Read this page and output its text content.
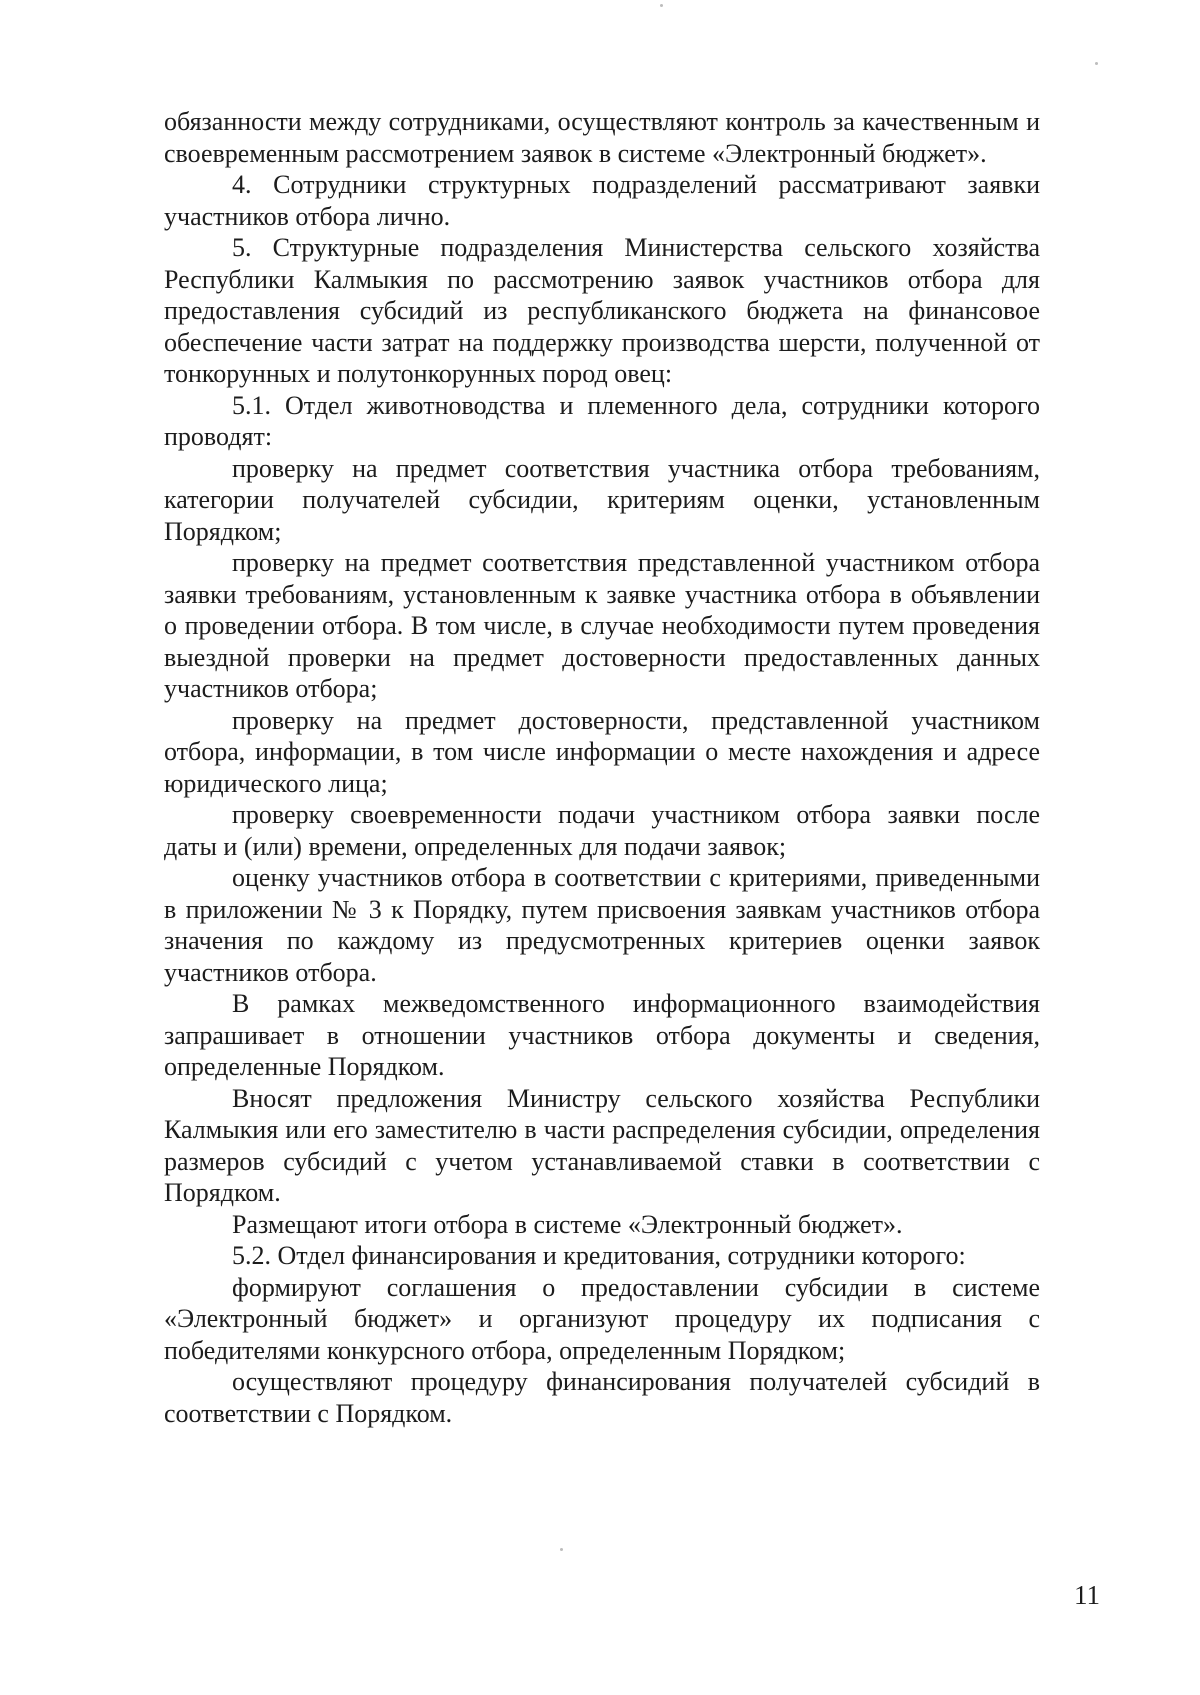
обязанности между сотрудниками, осуществляют контроль за качественным и своевременным рассмотрением заявок в системе «Электронный бюджет».

4. Сотрудники структурных подразделений рассматривают заявки участников отбора лично.

5. Структурные подразделения Министерства сельского хозяйства Республики Калмыкия по рассмотрению заявок участников отбора для предоставления субсидий из республиканского бюджета на финансовое обеспечение части затрат на поддержку производства шерсти, полученной от тонкорунных и полутонкорунных пород овец:

5.1. Отдел животноводства и племенного дела, сотрудники которого проводят:

проверку на предмет соответствия участника отбора требованиям, категории получателей субсидии, критериям оценки, установленным Порядком;

проверку на предмет соответствия представленной участником отбора заявки требованиям, установленным к заявке участника отбора в объявлении о проведении отбора. В том числе, в случае необходимости путем проведения выездной проверки на предмет достоверности предоставленных данных участников отбора;

проверку на предмет достоверности, представленной участником отбора, информации, в том числе информации о месте нахождения и адресе юридического лица;

проверку своевременности подачи участником отбора заявки после даты и (или) времени, определенных для подачи заявок;

оценку участников отбора в соответствии с критериями, приведенными в приложении № 3 к Порядку, путем присвоения заявкам участников отбора значения по каждому из предусмотренных критериев оценки заявок участников отбора.

В рамках межведомственного информационного взаимодействия запрашивает в отношении участников отбора документы и сведения, определенные Порядком.

Вносят предложения Министру сельского хозяйства Республики Калмыкия или его заместителю в части распределения субсидии, определения размеров субсидий с учетом устанавливаемой ставки в соответствии с Порядком.

Размещают итоги отбора в системе «Электронный бюджет».

5.2. Отдел финансирования и кредитования, сотрудники которого:

формируют соглашения о предоставлении субсидии в системе «Электронный бюджет» и организуют процедуру их подписания с победителями конкурсного отбора, определенным Порядком;

осуществляют процедуру финансирования получателей субсидий в соответствии с Порядком.

11
